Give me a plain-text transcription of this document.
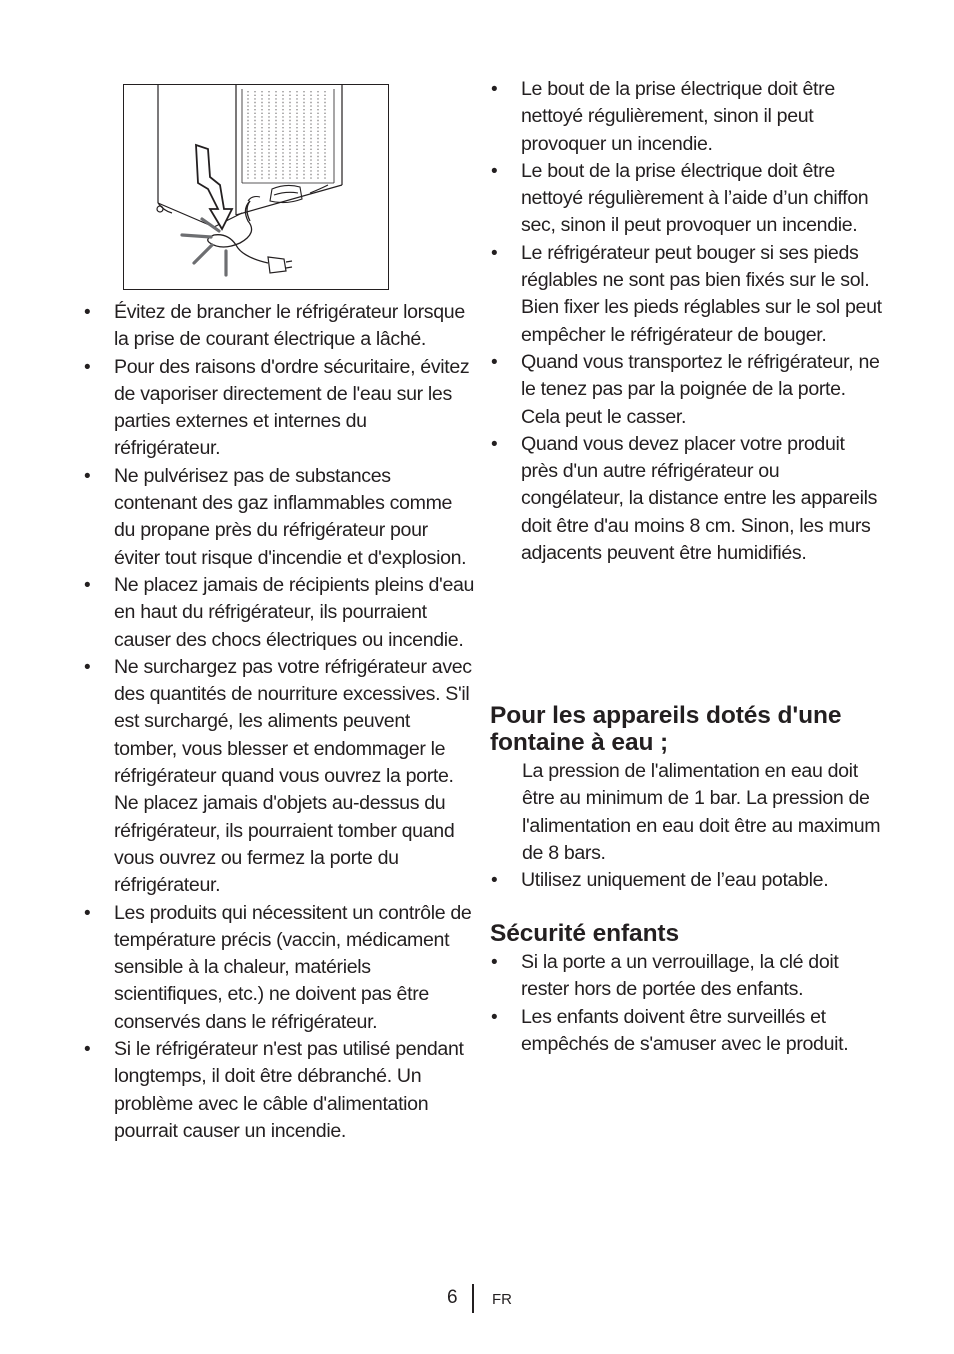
• Évitez de brancher le réfrigérateur lorsque la prise de courant électrique a lâché.
• Pour des raisons d'ordre sécuritaire, évitez de vaporiser directement de l'eau sur les parties externes et internes du réfrigérateur.
• Ne pulvérisez pas de substances contenant des gaz inflammables comme du propane près du réfrigérateur pour éviter tout risque d'incendie et d'explosion.
• Ne placez jamais de récipients pleins d'eau en haut du réfrigérateur, ils pourraient causer des chocs électriques ou incendie.
• Ne surchargez pas votre réfrigérateur avec des quantités de nourriture excessives. S'il est surchargé, les aliments peuvent tomber, vous blesser et endommager le réfrigérateur quand vous ouvrez la porte. Ne placez jamais d'objets au-dessus du réfrigérateur, ils pourraient tomber quand vous ouvrez ou fermez la porte du réfrigérateur.
• Les produits qui nécessitent un contrôle de température précis (vaccin, médicament sensible à la chaleur, matériels scientifiques, etc.) ne doivent pas être conservés dans le réfrigérateur.
• Si le réfrigérateur n'est pas utilisé pendant longtemps, il doit être débranché. Un problème avec le câble d'alimentation pourrait causer un incendie.
• Le bout de la prise électrique doit être nettoyé régulièrement, sinon il peut provoquer un incendie.
• Le bout de la prise électrique doit être nettoyé régulièrement à l’aide d’un chiffon sec, sinon il peut provoquer un incendie.
• Le réfrigérateur peut bouger si ses pieds réglables ne sont pas bien fixés sur le sol. Bien fixer les pieds réglables sur le sol peut empêcher le réfrigérateur de bouger.
• Quand vous transportez le réfrigérateur, ne le tenez pas par la poignée de la porte. Cela peut le casser.
• Quand vous devez placer votre produit près d'un autre réfrigérateur ou congélateur, la distance entre les appareils doit être d'au moins 8 cm. Sinon, les murs adjacents peuvent être humidifiés.
Pour les appareils dotés d'une fontaine à eau ;

La pression de l'alimentation en eau doit être au minimum de 1 bar. La pression de l'alimentation en eau doit être au maximum de 8 bars.

• Utilisez uniquement de l’eau potable.
Sécurité enfants
• Si la porte a un verrouillage, la clé doit rester hors de portée des enfants.
• Les enfants doivent être surveillés et empêchés de s'amuser avec le produit.
6 FR
